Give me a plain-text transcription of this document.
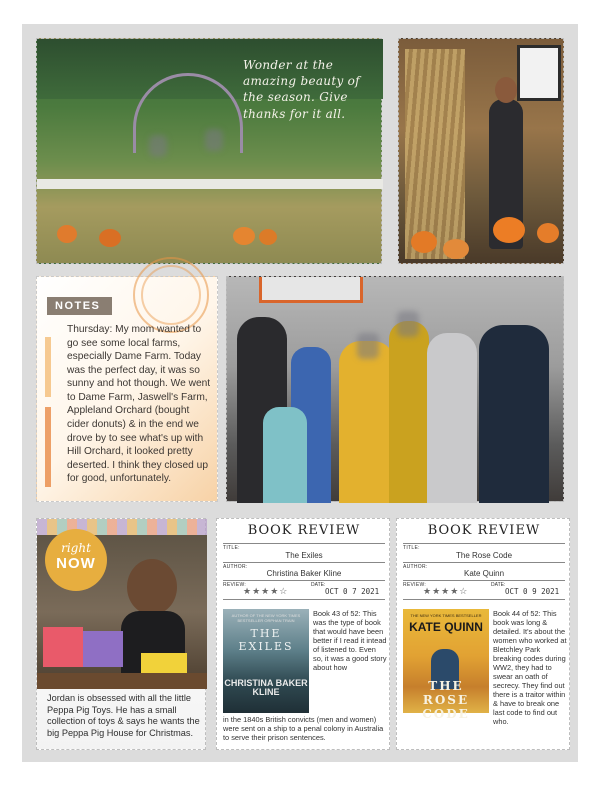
Wonder at the amazing beauty of the season. Give thanks for it all.
NOTES
Thursday: My mom wanted to go see some local farms, especially Dame Farm. Today was the perfect day, it was so sunny and hot though. We went to Dame Farm, Jaswell's Farm, Appleland Orchard (bought cider donuts) & in the end we drove by to see what's up with Hill Orchard, it looked pretty deserted. I think they closed up for good, unfortunately.
right
NOW
Jordan is obsessed with all the little Peppa Pig Toys. He has a small collection of toys & says he wants the big Peppa Pig House for Christmas.
BOOK REVIEW
TITLE:
The Exiles
AUTHOR:
Christina Baker Kline
REVIEW:
★★★★☆
DATE:
OCT 0 7 2021
AUTHOR OF THE NEW YORK TIMES BESTSELLER ORPHAN TRAIN
THE EXILES
CHRISTINA BAKER KLINE
Book 43 of 52: This was the type of book that would have been better if I read it intead of listened to. Even so, it was a good story about how
in the 1840s British convicts (men and women) were sent on a ship to a penal colony in Australia to serve their prison sentences.
BOOK REVIEW
TITLE:
The Rose Code
AUTHOR:
Kate Quinn
REVIEW:
★★★★☆
DATE:
OCT 0 9 2021
THE NEW YORK TIMES BESTSELLER
KATE QUINN
THE ROSE CODE
Book 44 of 52: This book was long & detailed. It's about the women who worked at Bletchley Park breaking codes during WW2, they had to swear an oath of secrecy. They find out there is a traitor within & have to break one last code to find out who.
